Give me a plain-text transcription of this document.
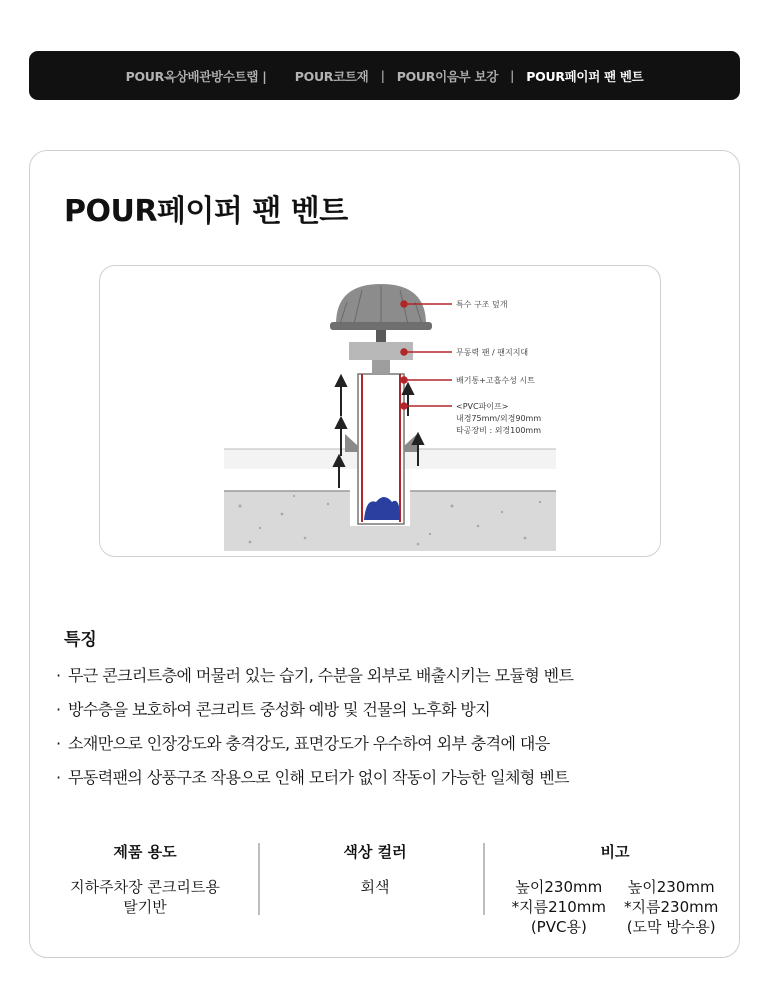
POUR옥상배관방수트랩 | POUR코트재 | POUR이음부 보강 | POUR페이퍼 팬 벤트
POUR페이퍼 팬 벤트
특수 구조 덮개
무동력 팬 / 팬지지대
배기통+고흡수성 시트
<PVC파이프>
내경75mm/외경90mm
타공장비 : 외경100mm
특징
· 무근 콘크리트층에 머물러 있는 습기, 수분을 외부로 배출시키는 모듈형 벤트
· 방수층을 보호하여 콘크리트 중성화 예방 및 건물의 노후화 방지
· 소재만으로 인장강도와 충격강도, 표면강도가 우수하여 외부 충격에 대응
· 무동력팬의 상풍구조 작용으로 인해 모터가 없이 작동이 가능한 일체형 벤트
제품 용도
지하주차장 콘크리트용
탈기반
색상 컬러
회색
비고
높이230mm
*지름210mm
(PVC용)
높이230mm
*지름230mm
(도막 방수용)
